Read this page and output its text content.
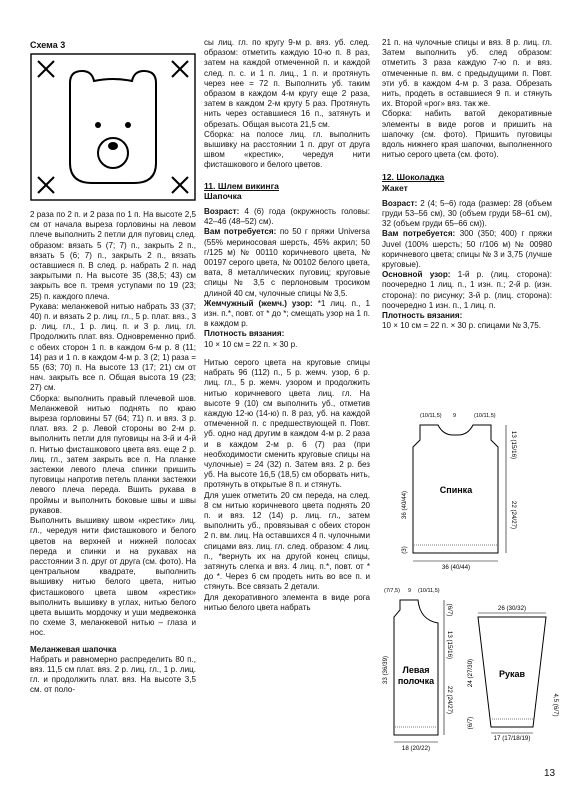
Схема 3

2 раза по 2 п. и 2 раза по 1 п. На высоте 2,5 см от начала выреза горловины на левом плече выполнить 2 петли для пуговиц след. образом: вязать 5 (7; 7) п., закрыть 2 п., вязать 5 (6; 7) п., закрыть 2 п., вязать оставшиеся п. В след. р. набрать 2 п. над закрытыми п. На высоте 35 (38,5; 43) см закрыть все п. тремя уступами по 19 (23; 25) п. каждого плеча.

Рукава: меланжевой нитью набрать 33 (37; 40) п. и вязать 2 р. лиц. гл., 5 р. плат. вяз., 3 р. лиц. гл., 1 р. лиц. п. и 3 р. лиц. гл. Продолжить плат. вяз. Одновременно приб. с обеих сторон 1 п. в каждом 6-м р. 8 (11; 14) раз и 1 п. в каждом 4-м р. 3 (2; 1) раза = 55 (63; 70) п. На высоте 13 (17; 21) см от нач. закрыть все п. Общая высота 19 (23; 27) см.

Сборка: выполнить правый плечевой шов. Меланжевой нитью поднять по краю выреза горловины 57 (64; 71) п. и вяз. 3 р. плат. вяз. 2 р. Левой стороны во 2-м р. выполнить петли для пуговицы на 3-й и 4-й п. Нитью фисташкового цвета вяз. еще 2 р. лиц. гл., затем закрыть все п. На планке застежки левого плеча спинки пришить пуговицы напротив петель планки застежки левого плеча переда. Вшить рукава в проймы и выполнить боковые швы и швы рукавов.

Выполнить вышивку швом «крестик» лиц. гл., чередуя нити фисташкового и белого цветов на верхней и нижней полосах переда и спинки и на рукавах на расстоянии 3 п. друг от друга (см. фото). На центральном квадрате, выполнить вышивку нитью белого цвета, нитью фисташкового цвета швом «крестик» выполнить вышивку в углах, нитью белого цвета вышить мордочку и уши медвежонка по схеме 3, меланжевой нитью – глаза и нос.

Меланжевая шапочка

Набрать и равномерно распределить 80 п., вяз. 11,5 см плат. вяз. 2 р. лиц. гл., 1 р. лиц. гл. и продолжить плат. вяз. На высоте 3,5 см. от поло-

сы лиц. гл. по кругу 9-м р. вяз. уб. след. образом: отметить каждую 10-ю п. 8 раз, затем на каждой отмеченной п. и каждой след. п. с. и 1 п. лиц., 1 п. и протянуть через нее = 72 п. Выполнить уб. таким образом в каждом 4-м кругу еще 2 раза, затем в каждом 2-м кругу 5 раз. Протянуть нить через оставшиеся 16 п., затянуть и обрезать. Общая высота 21,5 см.

Сборка: на полосе лиц. гл. выполнить вышивку на расстоянии 1 п. друг от друга швом «крестик», чередуя нити фисташкового и белого цветов.

11. Шлем викинга

Шапочка

Возраст: 4 (6) года (окружность головы: 42–46 (48–52) см).

Вам потребуется: по 50 г пряжи Universa (55% мериносовая шерсть, 45% акрил; 50 г/125 м) № 00110 коричневого цвета, № 00197 серого цвета, № 00102 белого цвета, вата, 8 металлических пуговиц; круговые спицы № 3,5 с перлоновым тросиком длиной 40 см, чулочные спицы № 3,5.

Жемчужный (жемч.) узор: *1 лиц. п., 1 изн. п.*, повт. от * до *; смещать узор на 1 п. в каждом р.

Плотность вязания:

10 × 10 см = 22 п. × 30 р.

Нитью серого цвета на круговые спицы набрать 96 (112) п., 5 р. жемч. узор, 6 р. лиц. гл., 5 р. жемч. узором и продолжить нитью коричневого цвета лиц. гл. На высоте 9 (10) см выполнить уб., отметив каждую 12-ю (14-ю) п. 8 раз, уб. на каждой отмеченной п. с предшествующей п. Повт. уб. одно над другим в каждом 4-м р. 2 раза и в каждом 2-м р. 6 (7) раз (при необходимости сменить круговые спицы на чулочные) = 24 (32) п. Затем вяз. 2 р. без уб. На высоте 16,5 (18,5) см оборвать нить, протянуть в открытые 8 п. и стянуть.

Для ушек отметить 20 см переда, на след. 8 см нитью коричневого цвета поднять 20 п. и вяз. 12 (14) р. лиц. гл., затем выполнить уб., провязывая с обеих сторон 2 п. вм. лиц. На оставшихся 4 п. чулочными спицами вяз. лиц. гл. след. образом: 4 лиц. п., *вернуть их на другой конец спицы, затянуть слегка и вяз. 4 лиц. п.*, повт. от * до *. Через 6 см продеть нить во все п. и стянуть. Все связать 2 детали.

Для декоративного элемента в виде рога нитью белого цвета набрать

21 п. на чулочные спицы и вяз. 8 р. лиц. гл. Затем выполнить уб. след образом: отметить 3 раза каждую 7-ю п. и вяз. отмеченные п. вм. с предыдущими п. Повт. эти уб. в каждом 4-м р. 3 раза. Обрезать нить, продеть в оставшиеся 9 п. и стянуть их. Второй «рог» вяз. так же.

Сборка: набить ватой декоративные элементы в виде рогов и пришить на шапочку (см. фото). Пришить пуговицы вдоль нижнего края шапочки, выполненного нитью серого цвета (см. фото).

12. Шоколадка

Жакет

Возраст: 2 (4; 5–6) года (размер: 28 (объем груди 53–56 см), 30 (объем груди 58–61 см), 32 (объем груди 65–66 см)).

Вам потребуется: 300 (350; 400) г пряжи Juvel (100% шерсть; 50 г/106 м) № 00980 коричневого цвета; спицы № 3 и 3,75 (лучше круговые).

Основной узор: 1-й р. (лиц. сторона): поочередно 1 лиц. п., 1 изн. п.; 2-й р. (изн. сторона): по рисунку; 3-й р. (лиц. сторона): поочередно 1 изн. п., 1 лиц. п.

Плотность вязания:

10 × 10 см = 22 п. × 30 р. спицами № 3,75.

Спинка
(10/11,5) 9	(10/11,5)
36 (40/44)
36 (40/44)
(3)
13 (15/16)
22 (24/27)
Левая
полочка
(7/7,5) 9 (10/11,5)
18 (20/22)
33 (36/39)
(6/7)
13 (15/16)
22 (24/27)
Рукав
26 (30/32)
17 (17/18/19)
24 (27/30)
(6/7)
4,5 (6/7)
13
